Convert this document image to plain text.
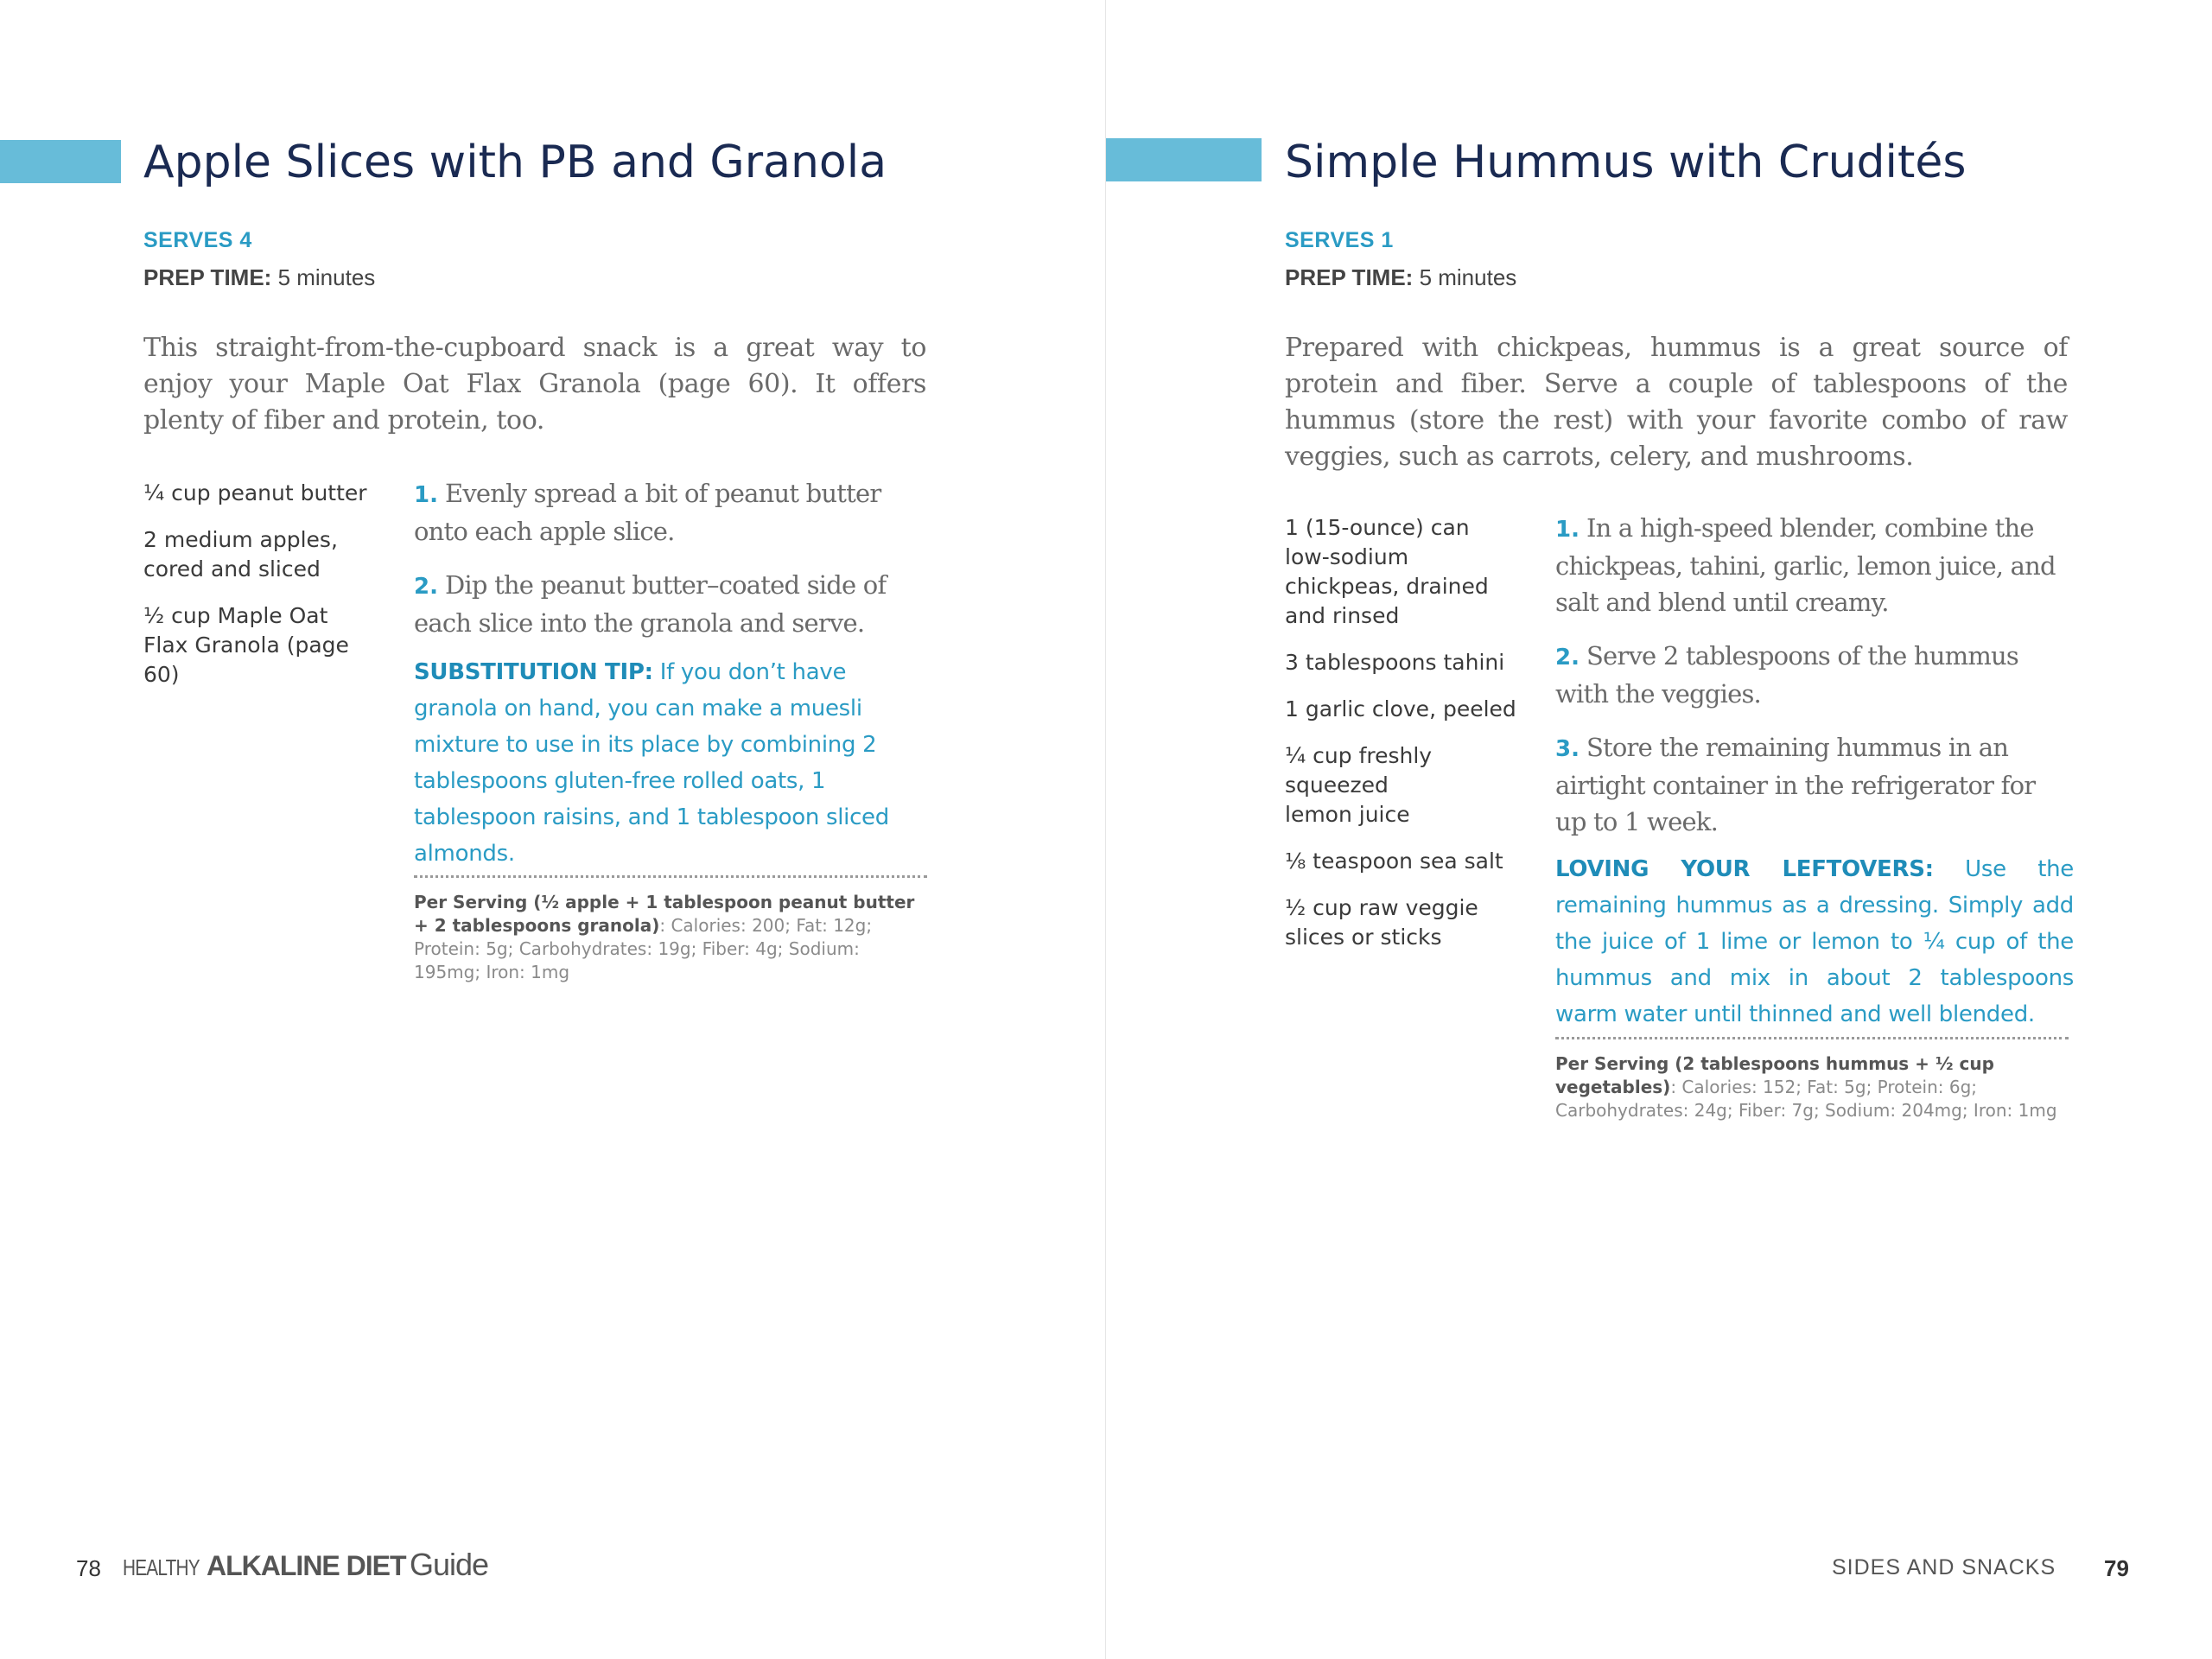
Apple Slices with PB and Granola
SERVES 4
PREP TIME: 5 minutes

This straight-from-the-cupboard snack is a great way to enjoy your Maple Oat Flax Granola (page 60). It offers plenty of fiber and protein, too.

¼ cup peanut butter
2 medium apples, cored and sliced
½ cup Maple Oat Flax Granola (page 60)
1. Evenly spread a bit of peanut butter onto each apple slice.
2. Dip the peanut butter–coated side of each slice into the granola and serve.

SUBSTITUTION TIP: If you don’t have granola on hand, you can make a muesli mixture to use in its place by combining 2 tablespoons gluten-free rolled oats, 1 tablespoon raisins, and 1 tablespoon sliced almonds.

Per Serving (½ apple + 1 tablespoon peanut butter + 2 tablespoons granola): Calories: 200; Fat: 12g; Protein: 5g; Carbohydrates: 19g; Fiber: 4g; Sodium: 195mg; Iron: 1mg

78 HEALTHY ALKALINE DIET Guide
Simple Hummus with Crudités
SERVES 1
PREP TIME: 5 minutes

Prepared with chickpeas, hummus is a great source of protein and fiber. Serve a couple of tablespoons of the hummus (store the rest) with your favorite combo of raw veggies, such as carrots, celery, and mushrooms.

1 (15-ounce) can low-sodium chickpeas, drained and rinsed
3 tablespoons tahini
1 garlic clove, peeled
¼ cup freshly squeezed lemon juice
⅛ teaspoon sea salt
½ cup raw veggie slices or sticks
1. In a high-speed blender, combine the chickpeas, tahini, garlic, lemon juice, and salt and blend until creamy.
2. Serve 2 tablespoons of the hummus with the veggies.
3. Store the remaining hummus in an airtight container in the refrigerator for up to 1 week.

LOVING YOUR LEFTOVERS: Use the remaining hummus as a dressing. Simply add the juice of 1 lime or lemon to ¼ cup of the hummus and mix in about 2 tablespoons warm water until thinned and well blended.

Per Serving (2 tablespoons hummus + ½ cup vegetables): Calories: 152; Fat: 5g; Protein: 6g; Carbohydrates: 24g; Fiber: 7g; Sodium: 204mg; Iron: 1mg

SIDES AND SNACKS 79
